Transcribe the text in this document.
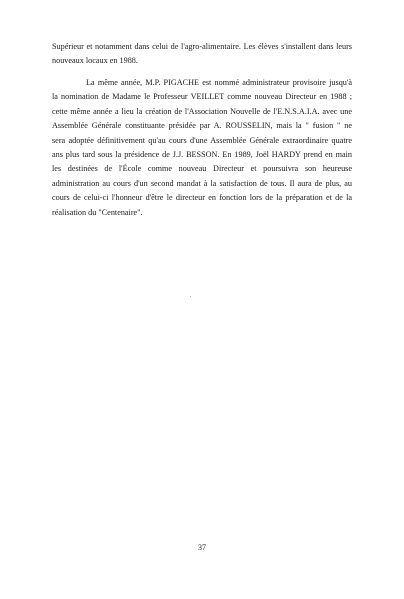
Supérieur et notamment dans celui de l'agro-alimentaire. Les élèves s'installent dans leurs
nouveaux locaux en 1988.
La même année, M.P. PIGACHE est nommé administrateur provisoire jusqu'à
la nomination de Madame le Professeur VEILLET comme nouveau Directeur en 1988 ;
cette même année a lieu la création de l'Association Nouvelle de l'E.N.S.A.I.A. avec une
Assemblée Générale constituante présidée par A. ROUSSELIN, mais la " fusion " ne
sera adoptée définitivement qu'au cours d'une Assemblée Générale extraordinaire quatre
ans plus tard sous la présidence de J.J. BESSON. En 1989, Joël HARDY prend en main
les destinées de l'École comme nouveau Directeur et poursuivra son heureuse
administration au cours d'un second mandat à la satisfaction de tous. Il aura de plus, au
cours de celui-ci l'honneur d'être le directeur en fonction lors de la préparation et de la
réalisation du "Centenaire".
37
